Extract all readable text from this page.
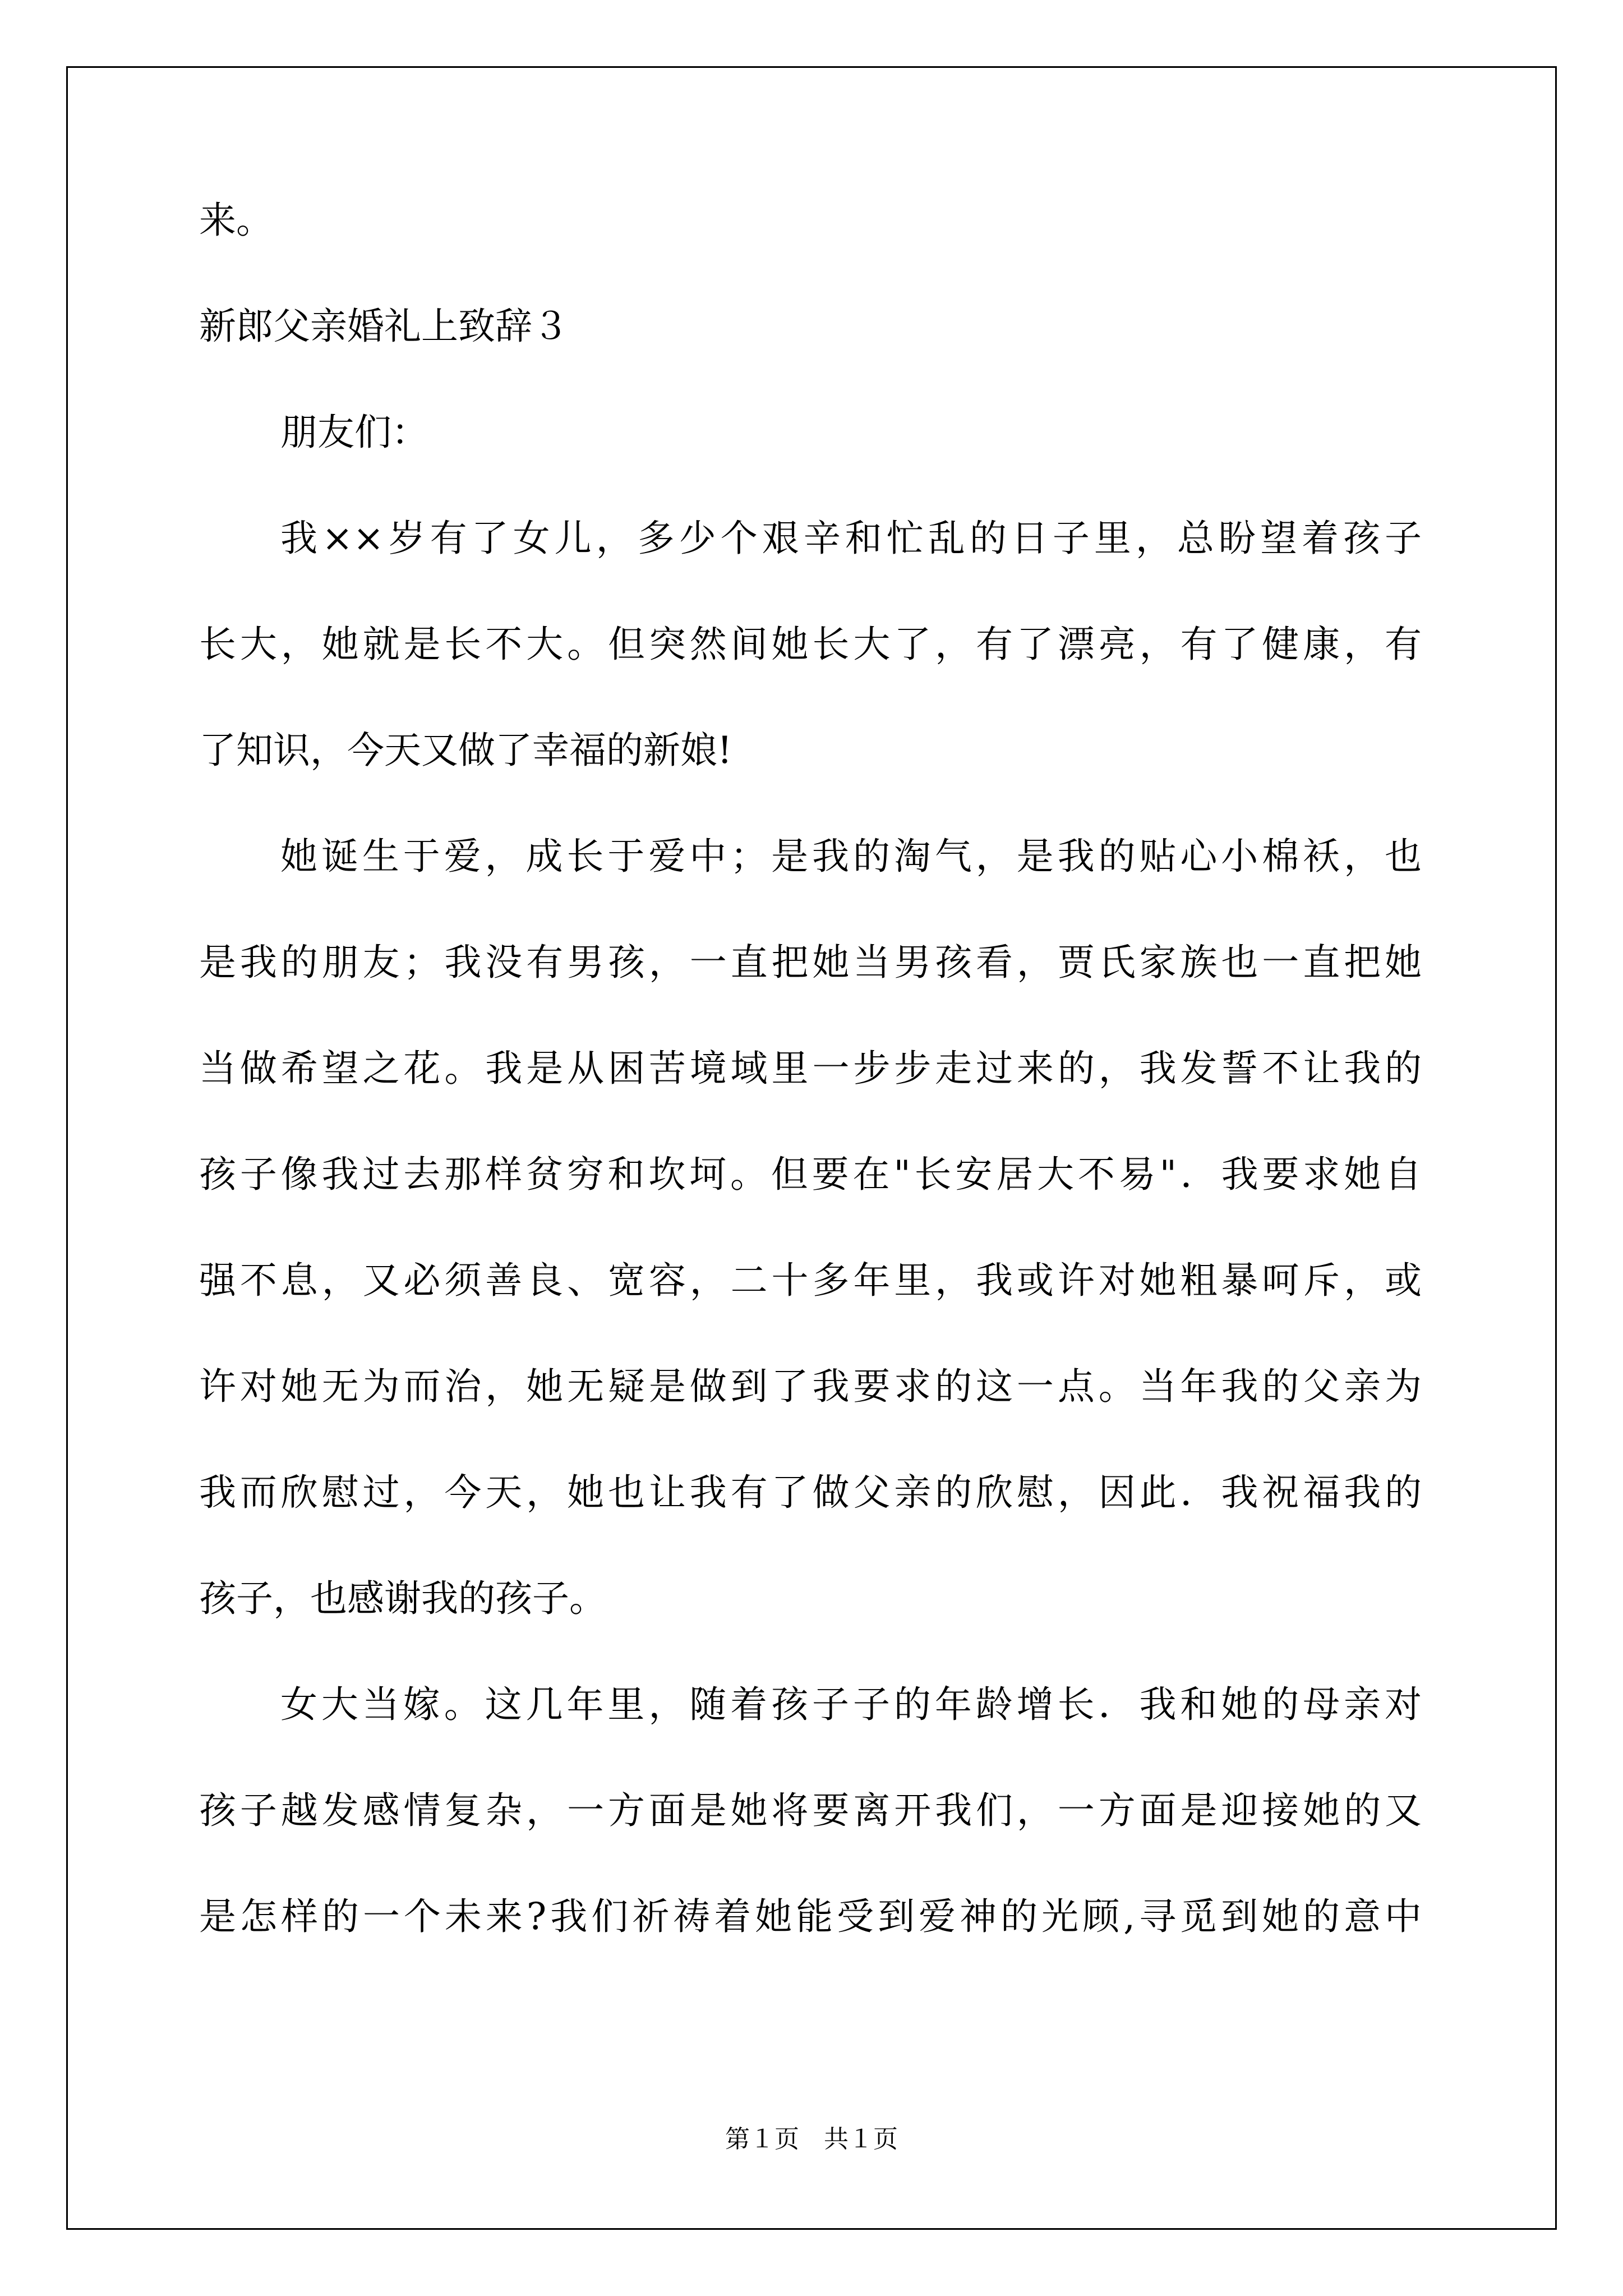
来。
新郎父亲婚礼上致辞３
朋友们：
我××岁有了女儿，多少个艰辛和忙乱的日子里，总盼望着孩子
长大，她就是长不大。但突然间她长大了，有了漂亮，有了健康，有
了知识，今天又做了幸福的新娘!
她诞生于爱，成长于爱中；是我的淘气，是我的贴心小棉袄，也
是我的朋友；我没有男孩，一直把她当男孩看，贾氏家族也一直把她
当做希望之花。我是从困苦境域里一步步走过来的，我发誓不让我的
孩子像我过去那样贫穷和坎坷。但要在"长安居大不易"．我要求她自
强不息，又必须善良、宽容，二十多年里，我或许对她粗暴呵斥，或
许对她无为而治，她无疑是做到了我要求的这一点。当年我的父亲为
我而欣慰过，今天，她也让我有了做父亲的欣慰，因此．我祝福我的
孩子，也感谢我的孩子。
女大当嫁。这几年里，随着孩子子的年龄增长．我和她的母亲对
孩子越发感情复杂，一方面是她将要离开我们，一方面是迎接她的又
是怎样的一个未来?我们祈祷着她能受到爱神的光顾,寻觅到她的意中
第１页　共１页
